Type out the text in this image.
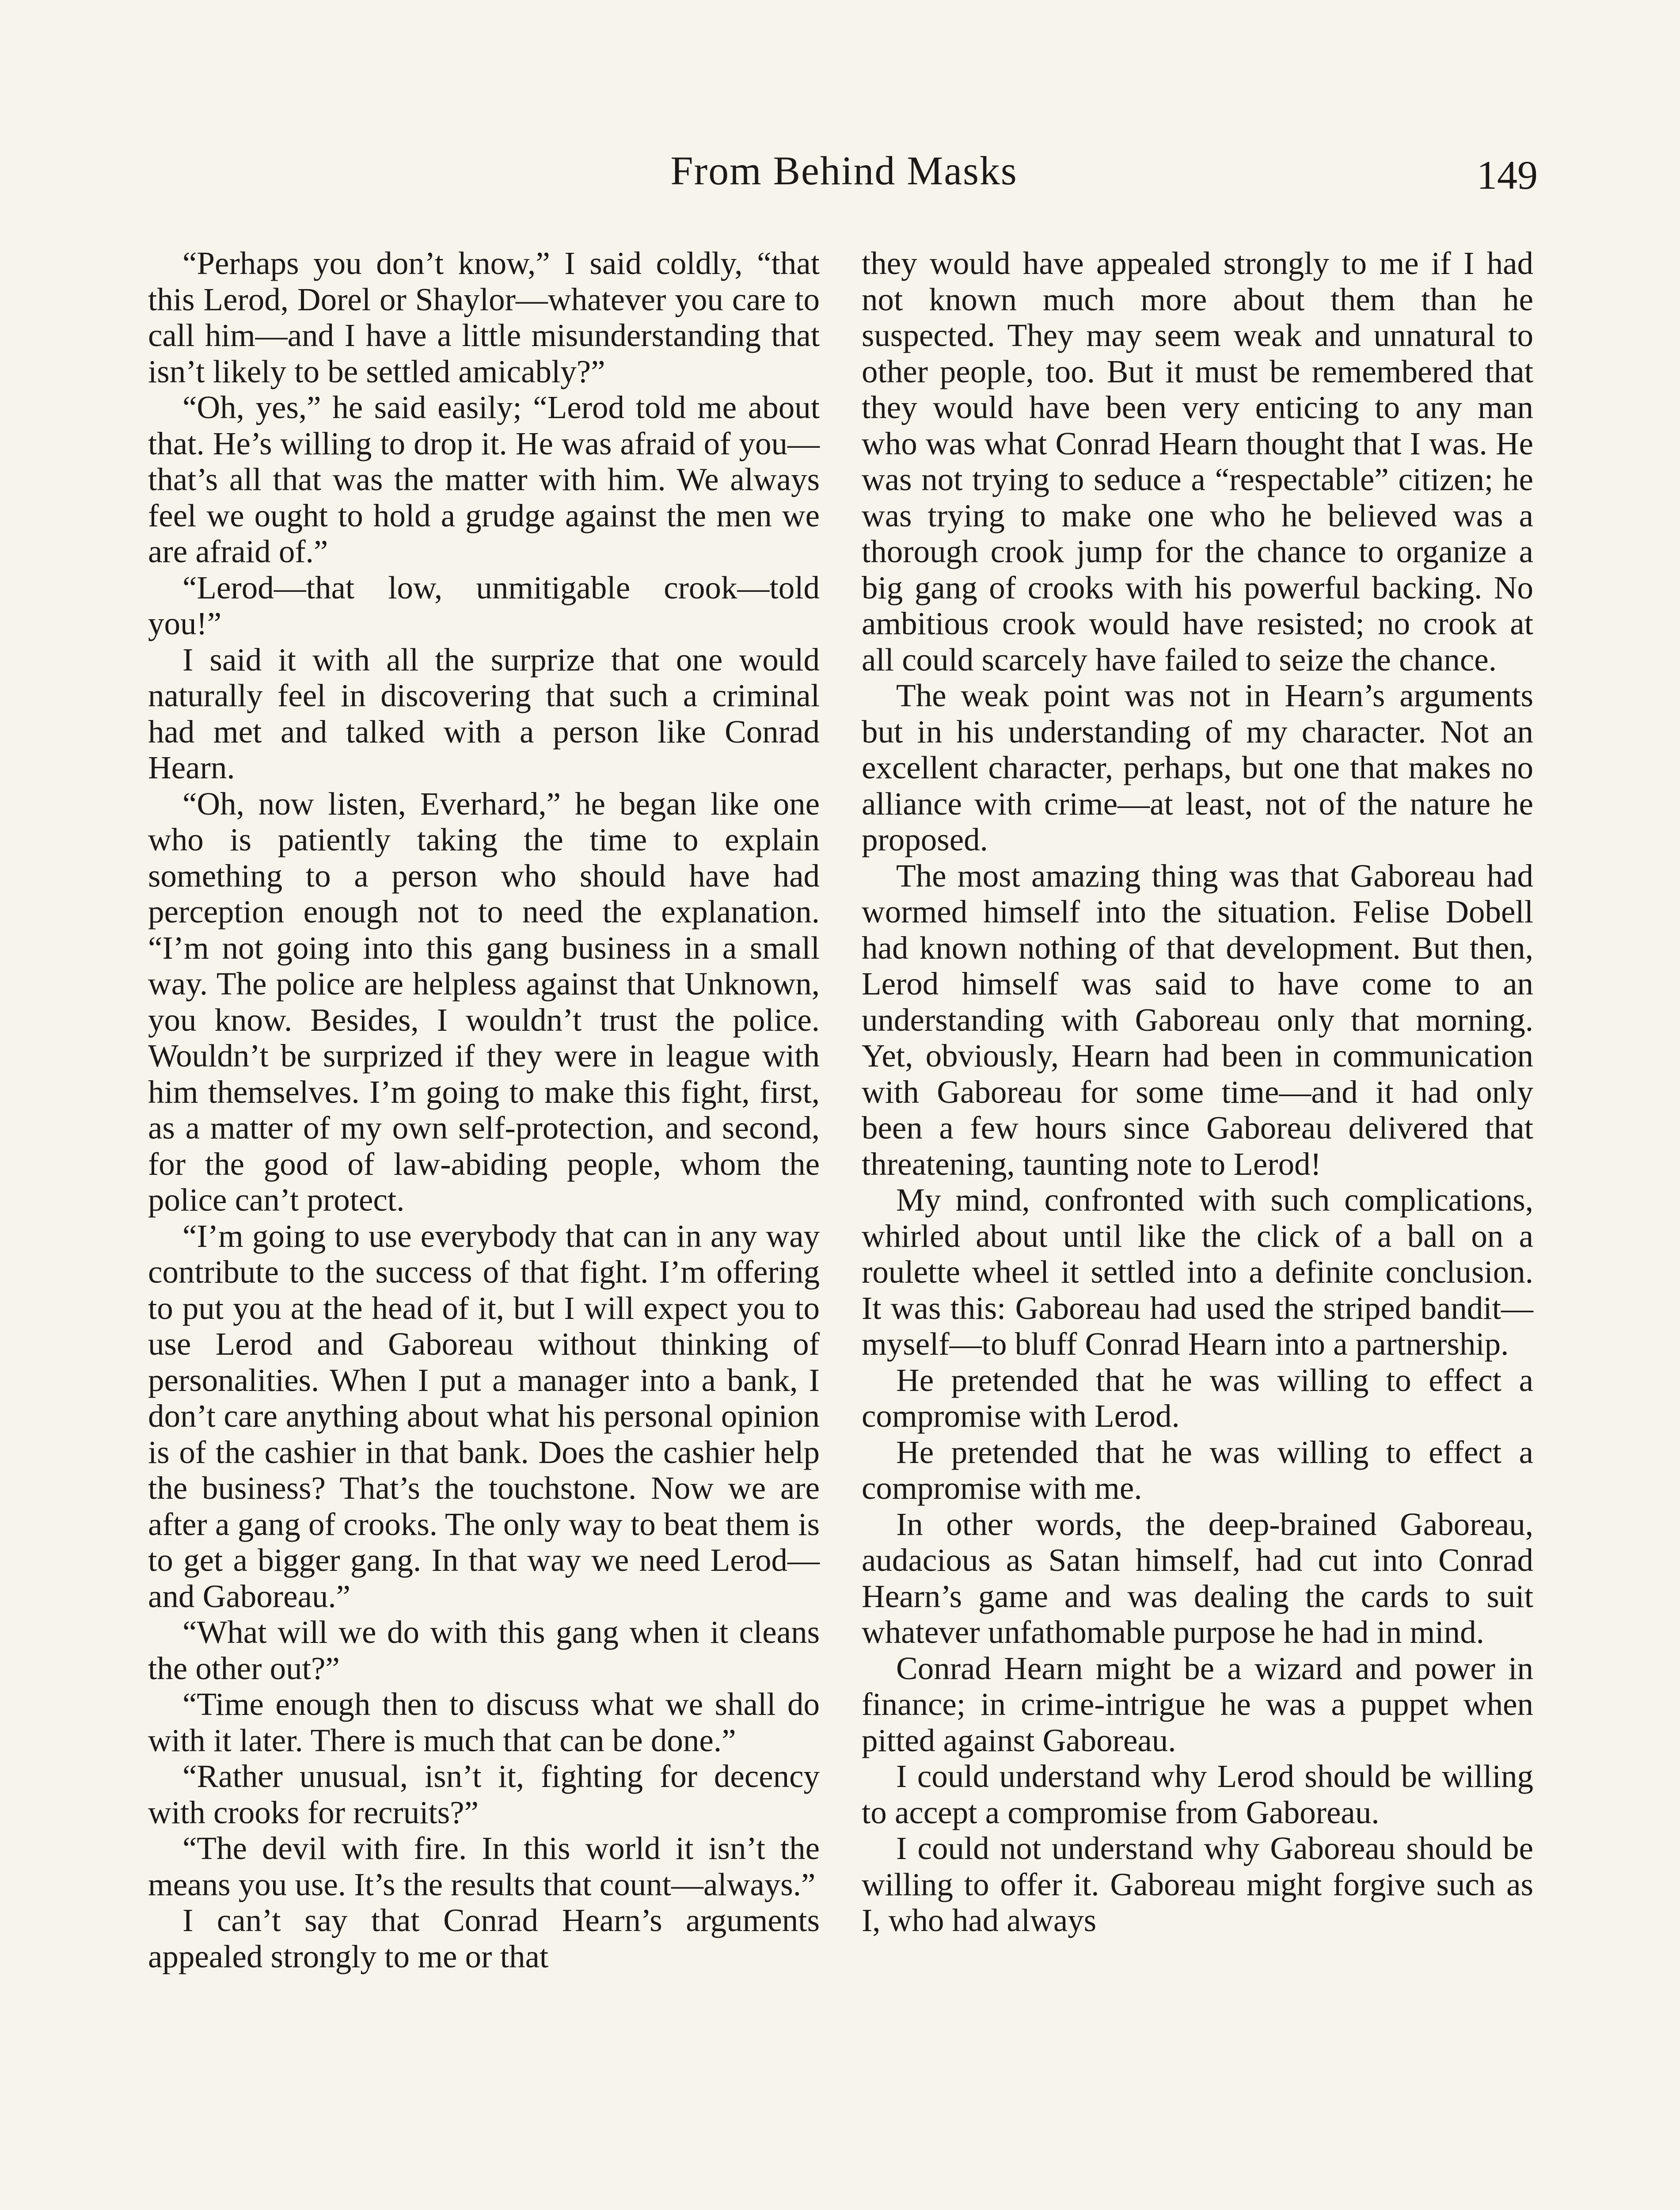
From Behind Masks	149

“Perhaps you don’t know,” I said coldly, “that this Lerod, Dorel or Shaylor—whatever you care to call him—and I have a little misunderstanding that isn’t likely to be settled amicably?”

“Oh, yes,” he said easily; “Lerod told me about that. He’s willing to drop it. He was afraid of you—that’s all that was the matter with him. We always feel we ought to hold a grudge against the men we are afraid of.”

“Lerod—that low, unmitigable crook—told you!”

I said it with all the surprize that one would naturally feel in discovering that such a criminal had met and talked with a person like Conrad Hearn.

“Oh, now listen, Everhard,” he began like one who is patiently taking the time to explain something to a person who should have had perception enough not to need the explanation. “I’m not going into this gang business in a small way. The police are helpless against that Unknown, you know. Besides, I wouldn’t trust the police. Wouldn’t be surprized if they were in league with him themselves. I’m going to make this fight, first, as a matter of my own self-protection, and second, for the good of law-abiding people, whom the police can’t protect.

“I’m going to use everybody that can in any way contribute to the success of that fight. I’m offering to put you at the head of it, but I will expect you to use Lerod and Gaboreau without thinking of personalities. When I put a manager into a bank, I don’t care anything about what his personal opinion is of the cashier in that bank. Does the cashier help the business? That’s the touchstone. Now we are after a gang of crooks. The only way to beat them is to get a bigger gang. In that way we need Lerod—and Gaboreau.”

“What will we do with this gang when it cleans the other out?”

“Time enough then to discuss what we shall do with it later. There is much that can be done.”

“Rather unusual, isn’t it, fighting for decency with crooks for recruits?”

“The devil with fire. In this world it isn’t the means you use. It’s the results that count—always.”

I can’t say that Conrad Hearn’s arguments appealed strongly to me or that

they would have appealed strongly to me if I had not known much more about them than he suspected. They may seem weak and unnatural to other people, too. But it must be remembered that they would have been very enticing to any man who was what Conrad Hearn thought that I was. He was not trying to seduce a “respectable” citizen; he was trying to make one who he believed was a thorough crook jump for the chance to organize a big gang of crooks with his powerful backing. No ambitious crook would have resisted; no crook at all could scarcely have failed to seize the chance.

The weak point was not in Hearn’s arguments but in his understanding of my character. Not an excellent character, perhaps, but one that makes no alliance with crime—at least, not of the nature he proposed.

The most amazing thing was that Gaboreau had wormed himself into the situation. Felise Dobell had known nothing of that development. But then, Lerod himself was said to have come to an understanding with Gaboreau only that morning. Yet, obviously, Hearn had been in communication with Gaboreau for some time—and it had only been a few hours since Gaboreau delivered that threatening, taunting note to Lerod!

My mind, confronted with such complications, whirled about until like the click of a ball on a roulette wheel it settled into a definite conclusion. It was this: Gaboreau had used the striped bandit—myself—to bluff Conrad Hearn into a partnership.

He pretended that he was willing to effect a compromise with Lerod.

He pretended that he was willing to effect a compromise with me.

In other words, the deep-brained Gaboreau, audacious as Satan himself, had cut into Conrad Hearn’s game and was dealing the cards to suit whatever unfathomable purpose he had in mind.

Conrad Hearn might be a wizard and power in finance; in crime-intrigue he was a puppet when pitted against Gaboreau.

I could understand why Lerod should be willing to accept a compromise from Gaboreau.

I could not understand why Gaboreau should be willing to offer it. Gaboreau might forgive such as I, who had always
